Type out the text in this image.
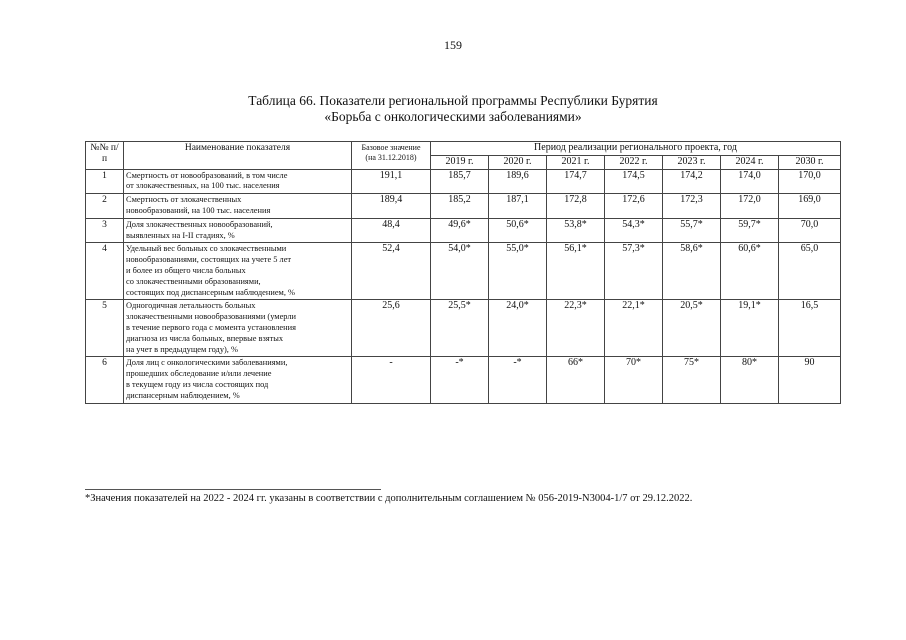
159
Таблица 66. Показатели региональной программы Республики Бурятия
«Борьба с онкологическими заболеваниями»
№№ п/п	Наименование показателя	Базовое значение
(на 31.12.2018)	Период реализации регионального проекта, год						
			2019 г.	2020 г.	2021 г.	2022 г.	2023 г.	2024 г.	2030 г.
1	Смертность от новообразований, в том числе
от злокачественных, на 100 тыс. населения	191,1	185,7	189,6	174,7	174,5	174,2	174,0	170,0
2	Смертность от злокачественных
новообразований, на 100 тыс. населения	189,4	185,2	187,1	172,8	172,6	172,3	172,0	169,0
3	Доля злокачественных новообразований,
выявленных на I-II стадиях, %	48,4	49,6*	50,6*	53,8*	54,3*	55,7*	59,7*	70,0
4	Удельный вес больных со злокачественными
новообразованиями, состоящих на учете 5 лет
и более из общего числа больных
со злокачественными образованиями,
состоящих под диспансерным наблюдением, %	52,4	54,0*	55,0*	56,1*	57,3*	58,6*	60,6*	65,0
5	Одногодичная летальность больных
злокачественными новообразованиями (умерли
в течение первого года с момента установления
диагноза из числа больных, впервые взятых
на учет в предыдущем году), %	25,6	25,5*	24,0*	22,3*	22,1*	20,5*	19,1*	16,5
6	Доля лиц с онкологическими заболеваниями,
прошедших обследование и/или лечение
в текущем году из числа состоящих под
диспансерным наблюдением, %	-	-*	-*	66*	70*	75*	80*	90
*Значения показателей на 2022 - 2024 гг. указаны в соответствии с дополнительным соглашением № 056-2019-N3004-1/7 от 29.12.2022.
